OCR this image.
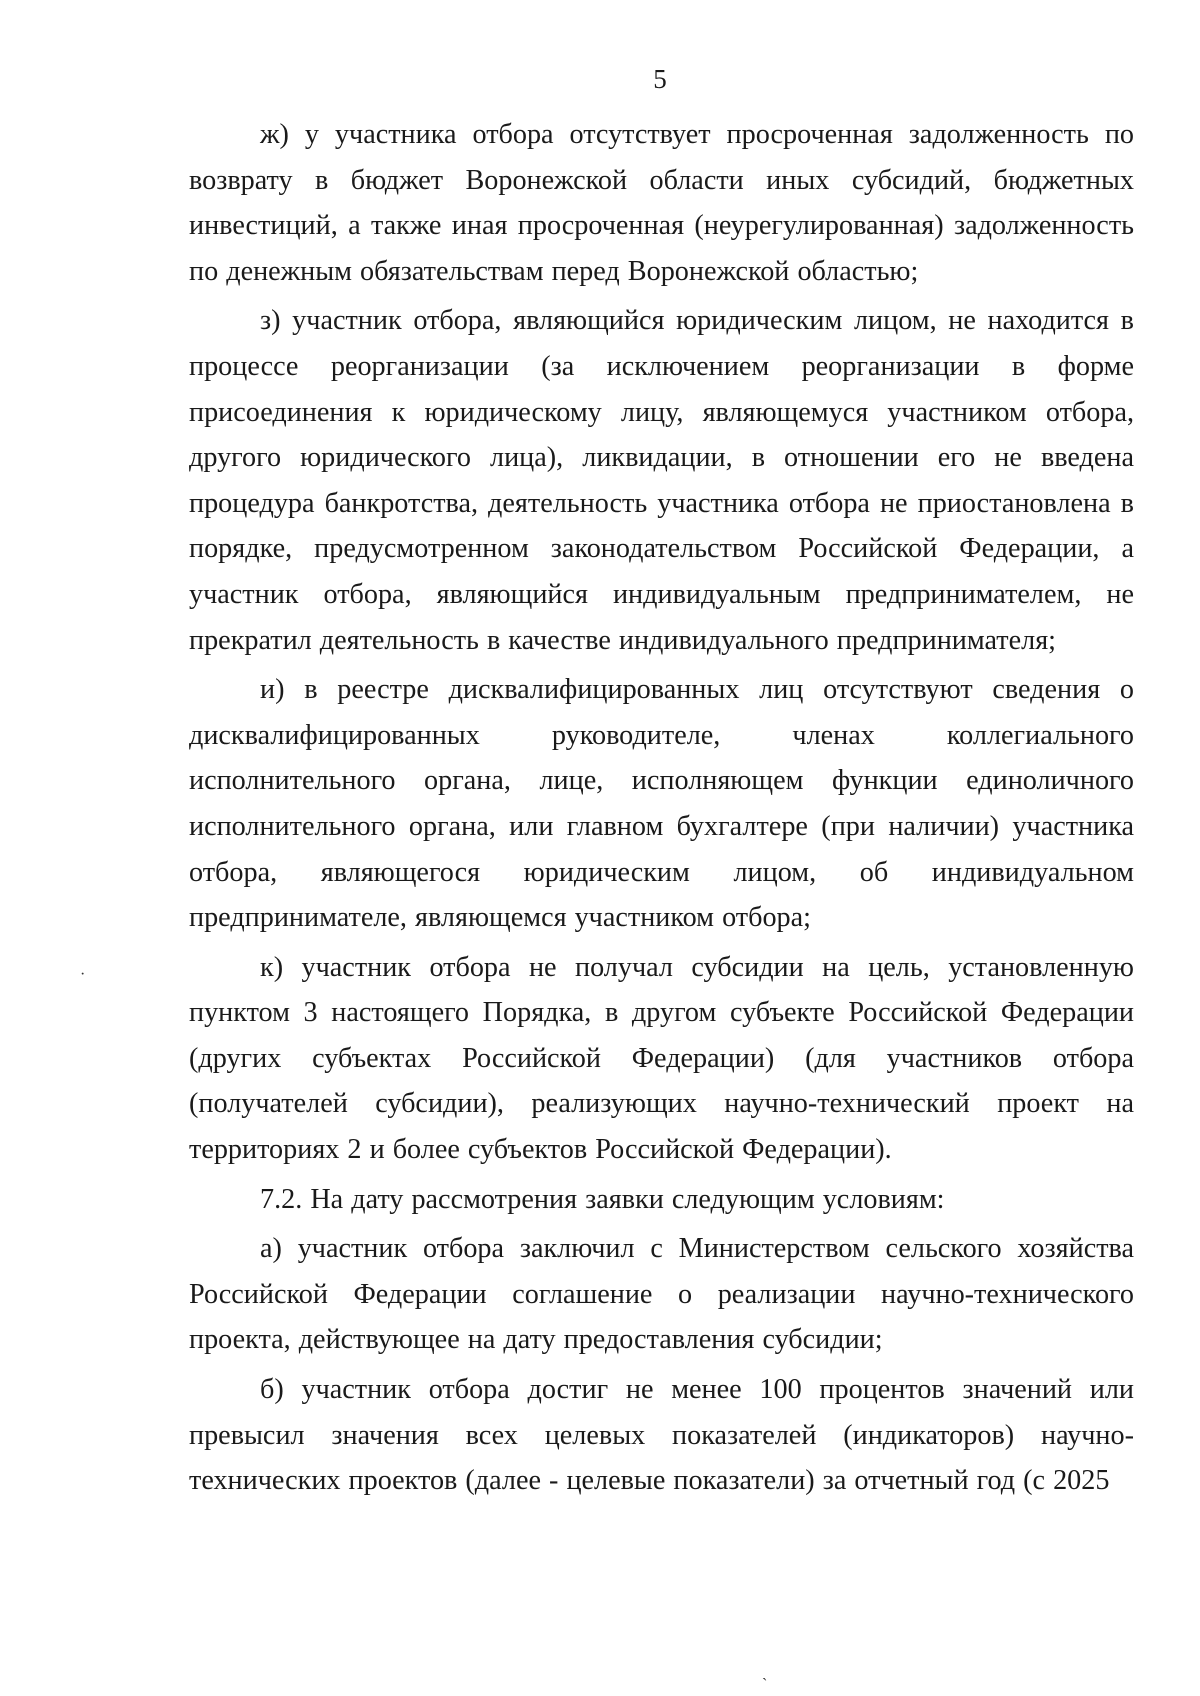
5
·
ˏ

ж) у участника отбора отсутствует просроченная задолженность по возврату в бюджет Воронежской области иных субсидий, бюджетных инвестиций, а также иная просроченная (неурегулированная) задолженность по денежным обязательствам перед Воронежской областью;

з) участник отбора, являющийся юридическим лицом, не находится в процессе реорганизации (за исключением реорганизации в форме присоединения к юридическому лицу, являющемуся участником отбора, другого юридического лица), ликвидации, в отношении его не введена процедура банкротства, деятельность участника отбора не приостановлена в порядке, предусмотренном законодательством Российской Федерации, а участник отбора, являющийся индивидуальным предпринимателем, не прекратил деятельность в качестве индивидуального предпринимателя;

и) в реестре дисквалифицированных лиц отсутствуют сведения о дисквалифицированных руководителе, членах коллегиального исполнительного органа, лице, исполняющем функции единоличного исполнительного органа, или главном бухгалтере (при наличии) участника отбора, являющегося юридическим лицом, об индивидуальном предпринимателе, являющемся участником отбора;

к) участник отбора не получал субсидии на цель, установленную пунктом 3 настоящего Порядка, в другом субъекте Российской Федерации (других субъектах Российской Федерации) (для участников отбора (получателей субсидии), реализующих научно-технический проект на территориях 2 и более субъектов Российской Федерации).

7.2. На дату рассмотрения заявки следующим условиям:

а) участник отбора заключил с Министерством сельского хозяйства Российской Федерации соглашение о реализации научно-технического проекта, действующее на дату предоставления субсидии;

б) участник отбора достиг не менее 100 процентов значений или превысил значения всех целевых показателей (индикаторов) научно-технических проектов (далее - целевые показатели) за отчетный год (с 2025
